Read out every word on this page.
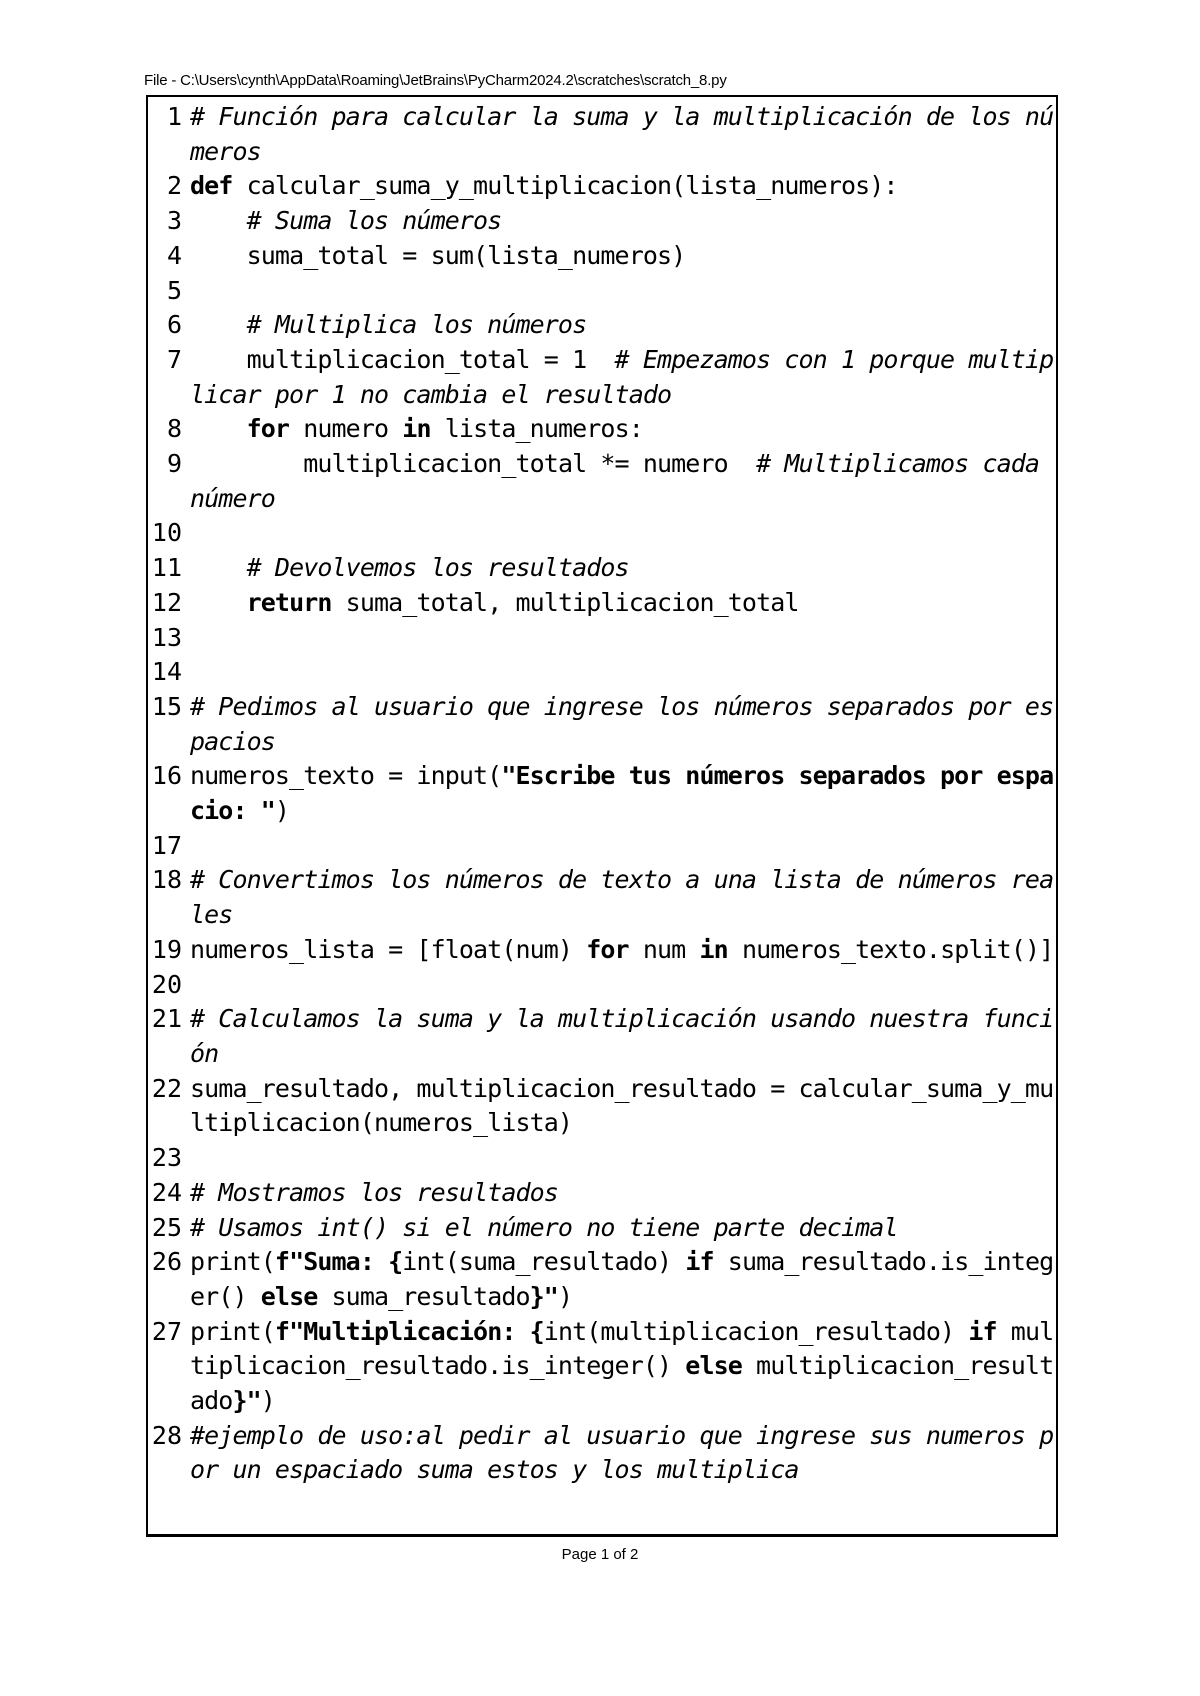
File - C:\Users\cynth\AppData\Roaming\JetBrains\PyCharm2024.2\scratches\scratch_8.py
1 # Función para calcular la suma y la multiplicación de los números
2 def calcular_suma_y_multiplicacion(lista_numeros):
3	# Suma los números
4 suma_total = sum(lista_numeros)
5
6	# Multiplica los números
7 multiplicacion_total = 1  # Empezamos con 1 porque multiplicar por 1 no cambia el resultado
8	for numero in lista_numeros:
9 multiplicacion_total *= numero  # Multiplicamos cada número
10
11	# Devolvemos los resultados
12	return suma_total, multiplicacion_total
13
14
15 # Pedimos al usuario que ingrese los números separados por espacios
16 numeros_texto = input("Escribe tus números separados por espacio: ")
17
18 # Convertimos los números de texto a una lista de números reales
19 numeros_lista = [float(num) for num in numeros_texto.split()]
20
21 # Calculamos la suma y la multiplicación usando nuestra función
22 suma_resultado, multiplicacion_resultado = calcular_suma_y_multiplicacion(numeros_lista)
23
24 # Mostramos los resultados
25 # Usamos int() si el número no tiene parte decimal
26 print(f"Suma: {int(suma_resultado) if suma_resultado.is_integer() else suma_resultado}")
27 print(f"Multiplicación: {int(multiplicacion_resultado) if multiplicacion_resultado.is_integer() else multiplicacion_resultado}")
28 #ejemplo de uso:al pedir al usuario que ingrese sus numeros por un espaciado suma estos y los multiplica
Page 1 of 2
